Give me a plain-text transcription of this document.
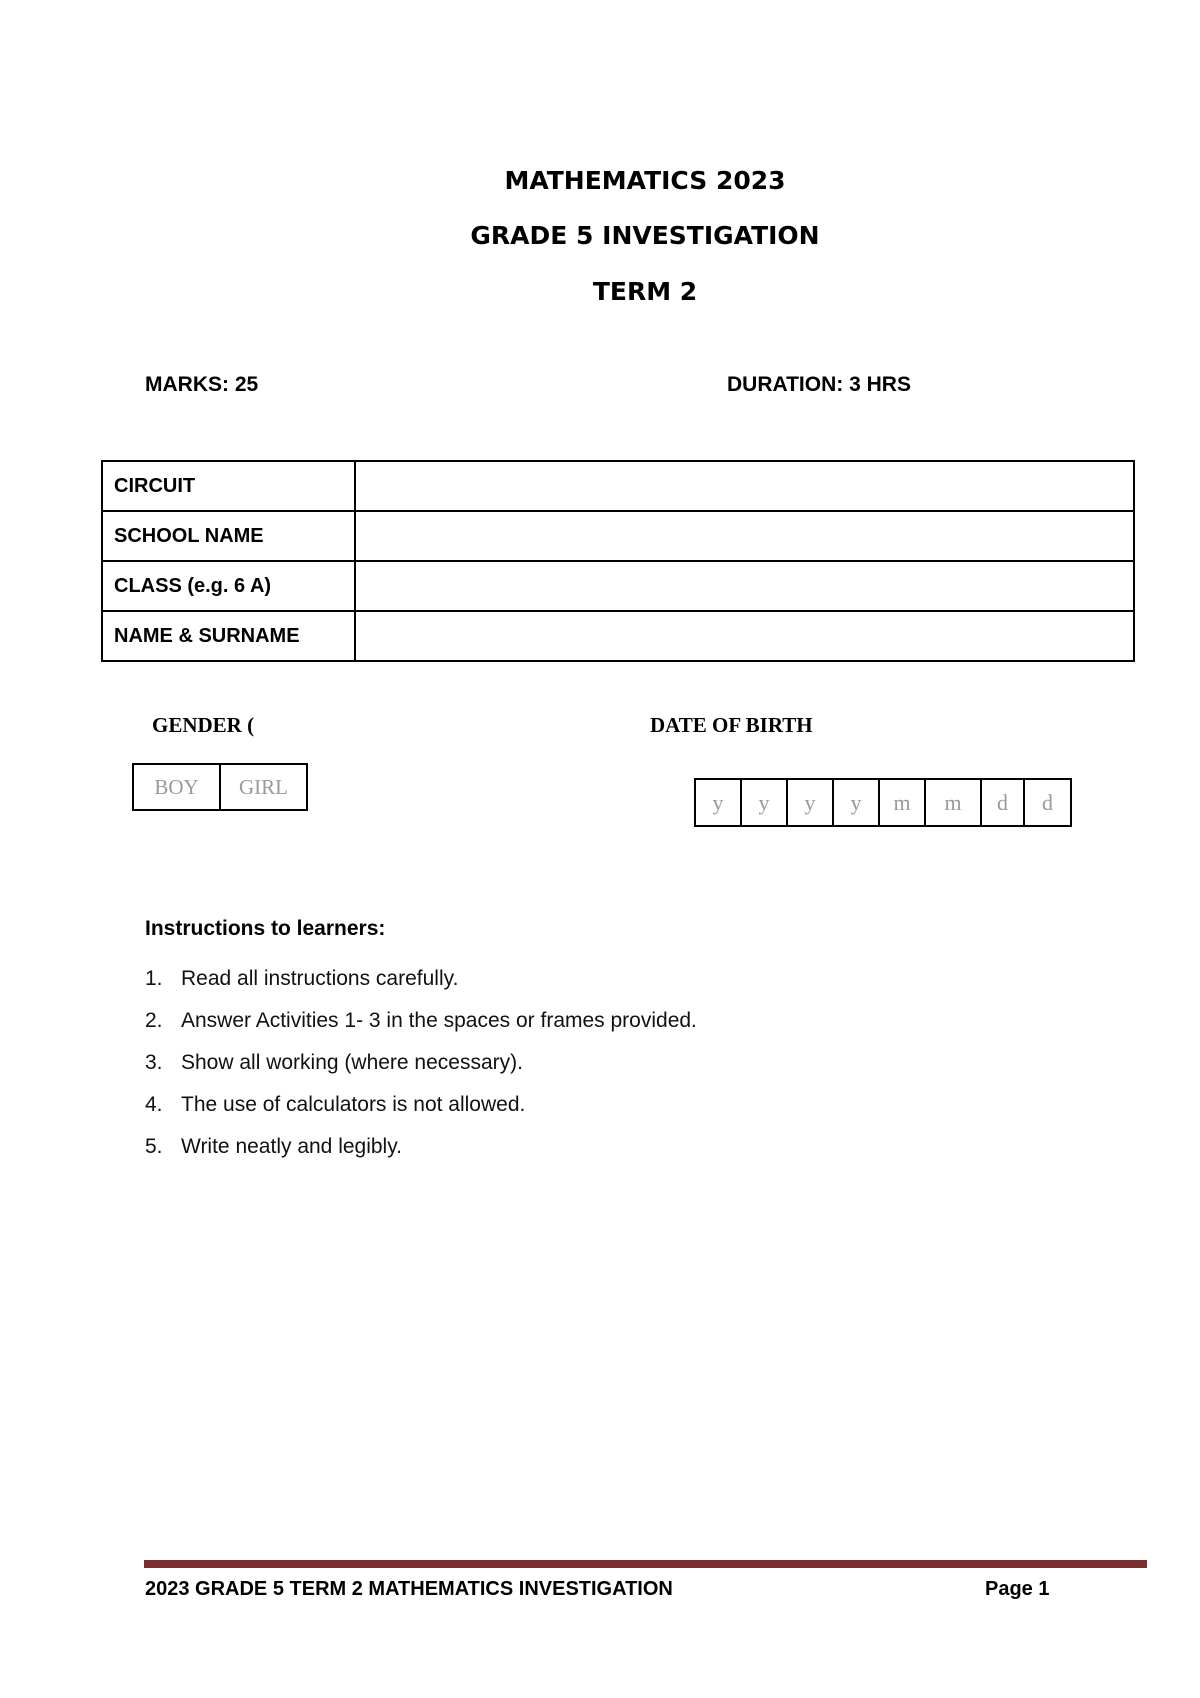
MATHEMATICS 2023
GRADE 5 INVESTIGATION
TERM 2
MARKS: 25	DURATION: 3 HRS
CIRCUIT	
SCHOOL NAME	
CLASS (e.g. 6 A)	
NAME & SURNAME	
GENDER (	DATE OF BIRTH
BOY	GIRL
y	y	y	y	m	m	d	d
Instructions to learners:
1. Read all instructions carefully.
2. Answer Activities 1- 3 in the spaces or frames provided.
3. Show all working (where necessary).
4. The use of calculators is not allowed.
5. Write neatly and legibly.
2023 GRADE 5 TERM 2 MATHEMATICS INVESTIGATION	Page 1
